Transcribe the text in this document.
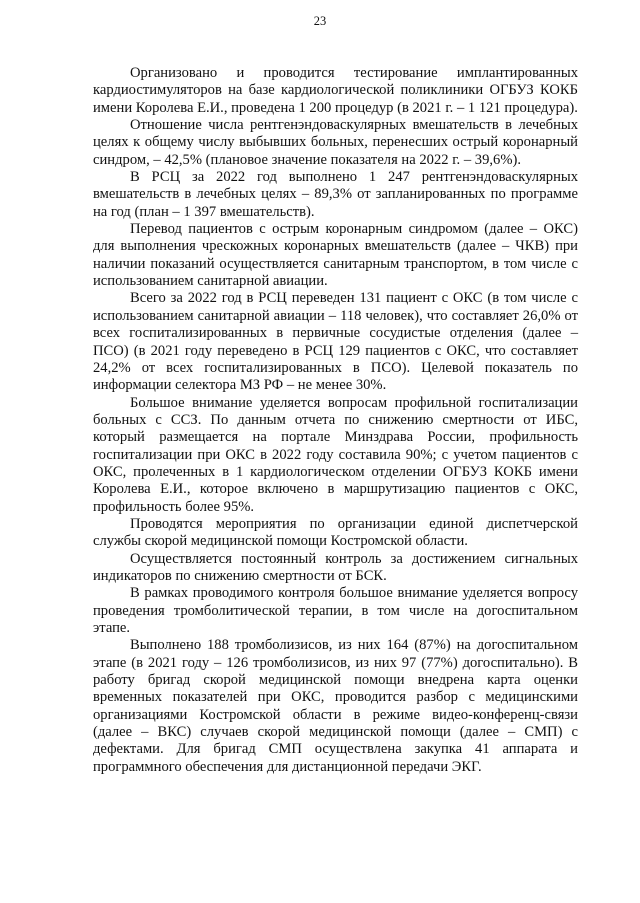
23

Организовано и проводится тестирование имплантированных кардиостимуляторов на базе кардиологической поликлиники ОГБУЗ КОКБ имени Королева Е.И., проведена 1 200 процедур (в 2021 г. – 1 121 процедура).

Отношение числа рентгенэндоваскулярных вмешательств в лечебных целях к общему числу выбывших больных, перенесших острый коронарный синдром, – 42,5% (плановое значение показателя на 2022 г. – 39,6%).

В РСЦ за 2022 год выполнено 1 247 рентгенэндоваскулярных вмешательств в лечебных целях – 89,3% от запланированных по программе на год (план – 1 397 вмешательств).

Перевод пациентов с острым коронарным синдромом (далее – ОКС) для выполнения чрескожных коронарных вмешательств (далее – ЧКВ) при наличии показаний осуществляется санитарным транспортом, в том числе с использованием санитарной авиации.

Всего за 2022 год в РСЦ переведен 131 пациент с ОКС (в том числе с использованием санитарной авиации – 118 человек), что составляет 26,0% от всех госпитализированных в первичные сосудистые отделения (далее – ПСО) (в 2021 году переведено в РСЦ 129 пациентов с ОКС, что составляет 24,2% от всех госпитализированных в ПСО). Целевой показатель по информации селектора МЗ РФ – не менее 30%.

Большое внимание уделяется вопросам профильной госпитализации больных с ССЗ. По данным отчета по снижению смертности от ИБС, который размещается на портале Минздрава России, профильность госпитализации при ОКС в 2022 году составила 90%; с учетом пациентов с ОКС, пролеченных в 1 кардиологическом отделении ОГБУЗ КОКБ имени Королева Е.И., которое включено в маршрутизацию пациентов с ОКС, профильность более 95%.

Проводятся мероприятия по организации единой диспетчерской службы скорой медицинской помощи Костромской области.

Осуществляется постоянный контроль за достижением сигнальных индикаторов по снижению смертности от БСК.

В рамках проводимого контроля большое внимание уделяется вопросу проведения тромболитической терапии, в том числе на догоспитальном этапе.

Выполнено 188 тромболизисов, из них 164 (87%) на догоспитальном этапе (в 2021 году – 126 тромболизисов, из них 97 (77%) догоспитально). В работу бригад скорой медицинской помощи внедрена карта оценки временных показателей при ОКС, проводится разбор с медицинскими организациями Костромской области в режиме видео-конференц-связи (далее – ВКС) случаев скорой медицинской помощи (далее – СМП) с дефектами. Для бригад СМП осуществлена закупка 41 аппарата и программного обеспечения для дистанционной передачи ЭКГ.
